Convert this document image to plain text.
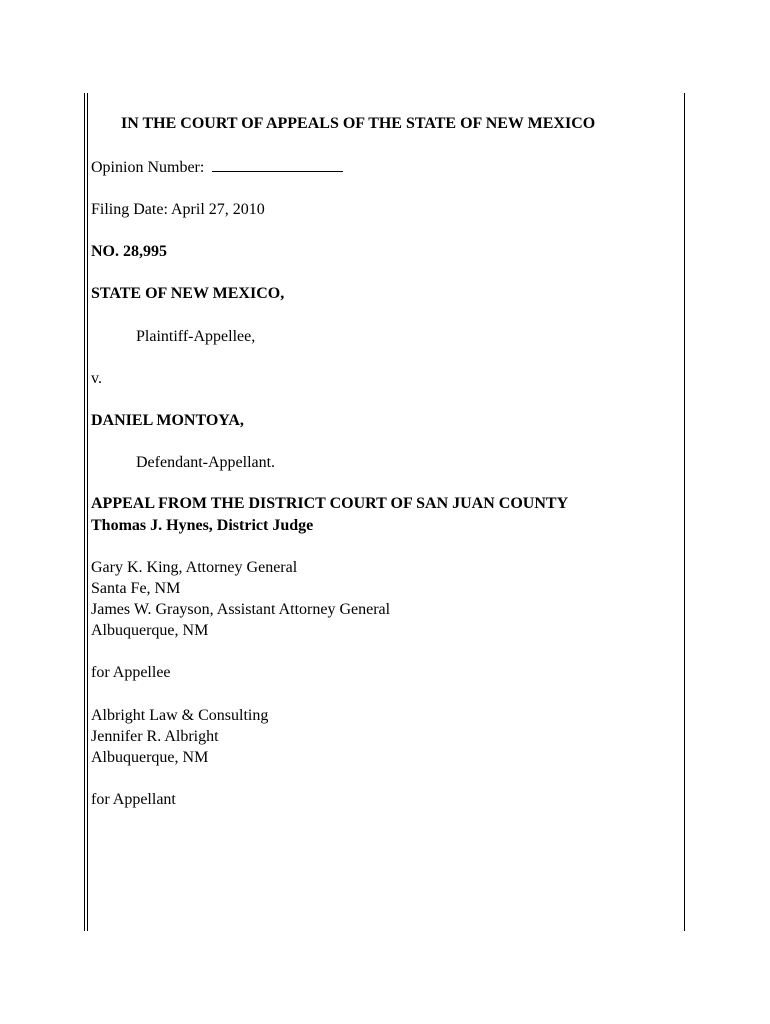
IN THE COURT OF APPEALS OF THE STATE OF NEW MEXICO
Opinion Number:
Filing Date: April 27, 2010
NO. 28,995
STATE OF NEW MEXICO,
Plaintiff-Appellee,
v.
DANIEL MONTOYA,
Defendant-Appellant.
APPEAL FROM THE DISTRICT COURT OF SAN JUAN COUNTY
Thomas J. Hynes, District Judge
Gary K. King, Attorney General
Santa Fe, NM
James W. Grayson, Assistant Attorney General
Albuquerque, NM
for Appellee
Albright Law & Consulting
Jennifer R. Albright
Albuquerque, NM
for Appellant
